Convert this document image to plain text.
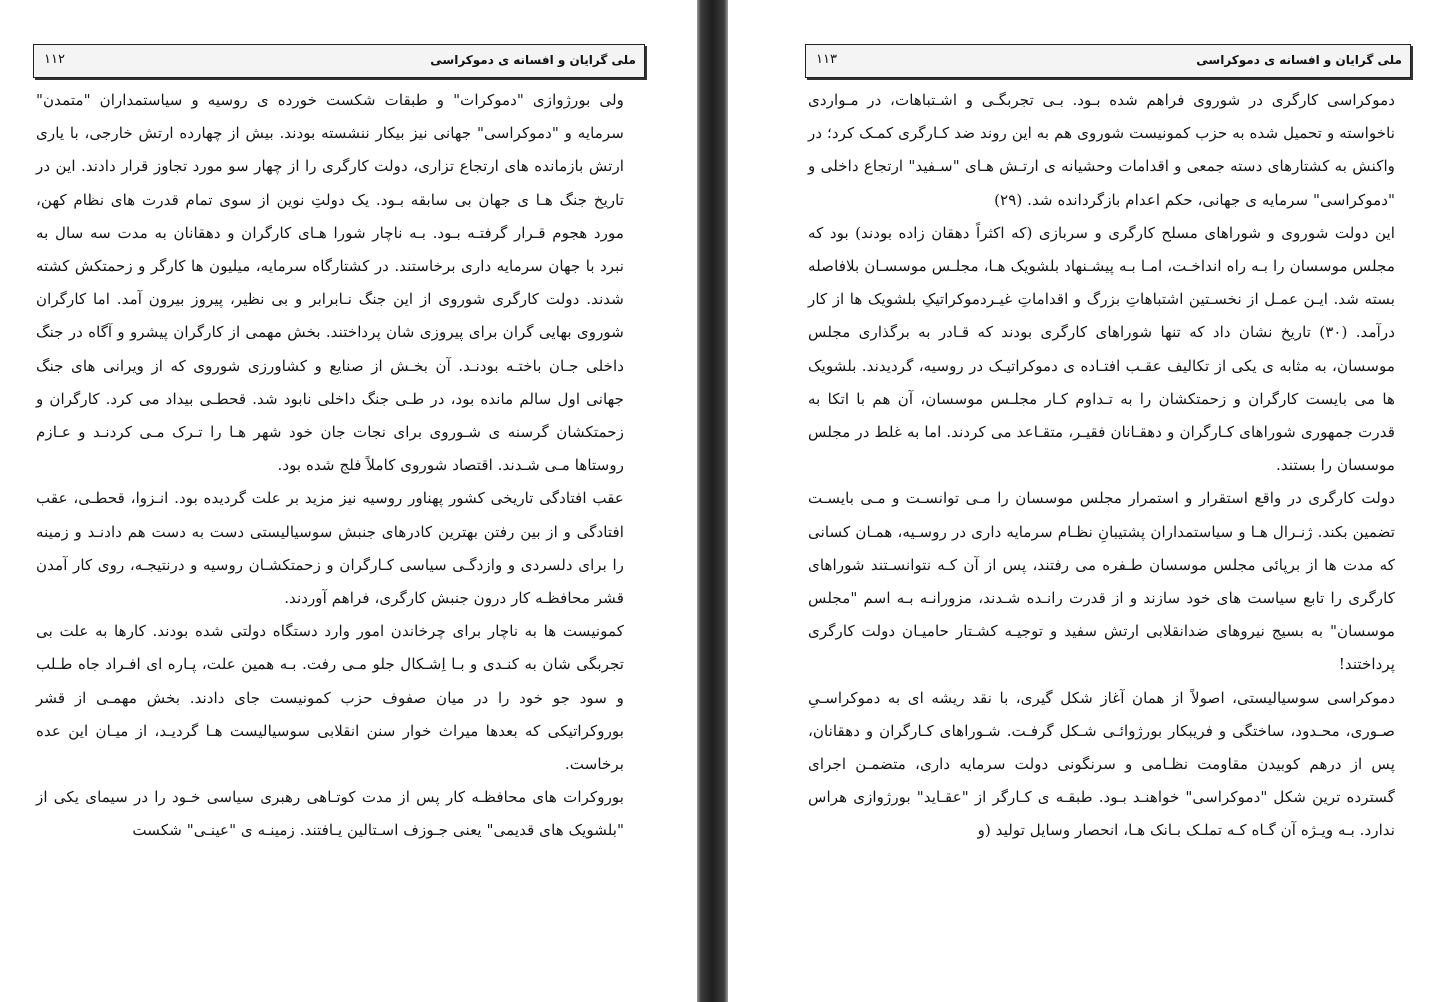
۱۱۲	ملی گرایان و افسانه ی دموکراسی

ولی بورژوازی "دموکرات" و طبقات شکست خورده ی روسیه و سیاستمداران "متمدن" سرمایه و "دموکراسی" جهانی نیز بیکار ننشسته بودند. بیش از چهارده ارتش خارجی، با یاری ارتش بازمانده های ارتجاع تزاری، دولت کارگری را از چهار سو مورد تجاوز قرار دادند. این در تاریخ جنگ هـا ی جهان بی سابقه بـود. یک دولتِ نوین از سوی تمام قدرت های نظام کهن، مورد هجوم قـرار گرفتـه بـود. بـه ناچار شورا هـای کارگران و دهقانان به مدت سه سال به نبرد با جهان سرمایه داری برخاستند. در کشتارگاه سرمایه، میلیون ها کارگر و زحمتکش کشته شدند. دولت کارگری شوروی از این جنگ نـابرابر و بی نظیر، پیروز بیرون آمد. اما کارگران شوروی بهایی گران برای پیروزی شان پرداختند. بخش مهمی از کارگران پیشرو و آگاه در جنگ داخلی جـان باختـه بودنـد. آن بخـش از صنایع و کشاورزی شوروی که از ویرانی های جنگ جهانی اول سالم مانده بود، در طـی جنگ داخلی نابود شد. قحطـی بیداد می کرد. کارگران و زحمتکشان گرسنه ی شـوروی برای نجات جان خود شهر هـا را تـرک مـی کردنـد و عـازم روستاها مـی شـدند. اقتصاد شوروی کاملاً فلج شده بود.

عقب افتادگی تاریخی کشور پهناور روسیه نیز مزید بر علت گردیده بود. انـزوا، قحطـی، عقب افتادگی و از بین رفتن بهترین کادرهای جنبش سوسیالیستی دست به دست هم دادنـد و زمینه را برای دلسردی و وازدگـی سیاسی کـارگران و زحمتکشـان روسیه و درنتیجـه، روی کار آمدن قشر محافظـه کار درون جنبش کارگری، فراهم آوردند.

کمونیست ها به ناچار برای چرخاندن امور وارد دستگاه دولتی شده بودند. کارها به علت بی تجربگی شان به کنـدی و بـا اِشـکال جلو مـی رفت. بـه همین علت، پـاره ای افـراد جاه طـلب و سود جو خود را در میان صفوف حزب کمونیست جای دادند. بخش مهمـی از قشر بوروکراتیکی که بعدها میراث خوار سنن انقلابی سوسیالیست هـا گردیـد، از میـان این عده برخاست.

بوروکرات های محافظـه کار پس از مدت کوتـاهی رهبری سیاسی خـود را در سیمای یکی از "بلشویک های قدیمی" یعنی جـوزف اسـتالین یـافتند. زمینـه ی "عینـی" شکست

۱۱۳	ملی گرایان و افسانه ی دموکراسی

دموکراسی کارگری در شوروی فراهم شده بـود. بـی تجربگـی و اشـتباهات، در مـواردی ناخواسته و تحمیل شده به حزب کمونیست شوروی هم به این روند ضد کـارگری کمـک کرد؛ در واکنش به کشتارهای دسته جمعی و اقدامات وحشیانه ی ارتـش هـای "سـفید" ارتجاع داخلی و "دموکراسی" سرمایه ی جهانی، حکم اعدام بازگردانده شد. (۲۹)

این دولت شوروی و شوراهای مسلح کارگری و سربازی (که اکثراً دهقان زاده بودند) بود که مجلس موسسان را بـه راه انداخـت، امـا بـه پیشـنهاد بلشویک هـا، مجلـس موسسـان بلافاصله بسته شد. ایـن عمـل از نخسـتین اشتباهاتِ بزرگ و اقداماتِ غیـردموکراتیکِ بلشویک ها از کار درآمد. (۳۰) تاریخ نشان داد که تنها شوراهای کارگری بودند که قـادر به برگذاری مجلس موسسان، به مثابه ی یکی از تکالیف عقـب افتـاده ی دموکراتیـک در روسیه، گردیدند. بلشویک ها می بایست کارگران و زحمتکشان را به تـداوم کـار مجلـس موسسان، آن هم با اتکا به قدرت جمهوری شوراهای کـارگران و دهقـانان فقیـر، متقـاعد می کردند. اما به غلط در مجلس موسسان را بستند.

دولت کارگری در واقع استقرار و استمرار مجلس موسسان را مـی توانسـت و مـی بایسـت تضمین بکند. ژنـرال هـا و سیاستمداران پشتیبانِ نظـام سرمایه داری در روسـیه، همـان کسانی که مدت ها از برپائی مجلس موسسان طـفره می رفتند، پس از آن کـه نتوانسـتند شوراهای کارگری را تابع سیاست های خود سازند و از قدرت رانـده شـدند، مزورانـه بـه اسم "مجلس موسسان" به بسیج نیروهای ضدانقلابی ارتش سفید و توجیـه کشـتار حامیـان دولت کارگری پرداختند!

دموکراسی سوسیالیستی، اصولاً از همان آغاز شکل گیری، با نقد ریشه ای به دموکراسـیِ صـوری، محـدود، ساختگی و فریبکار بورژوائـی شـکل گرفـت. شـوراهای کـارگران و دهقانان، پس از درهم کوبیدن مقاومت نظـامی و سرنگونی دولت سرمایه داری، متضمـن اجرای گسترده ترین شکل "دموکراسی" خواهنـد بـود. طبقـه ی کـارگر از "عقـاید" بورژوازی هراس ندارد. بـه ویـژه آن گـاه کـه تملـک بـانک هـا، انحصار وسایل تولید (و
